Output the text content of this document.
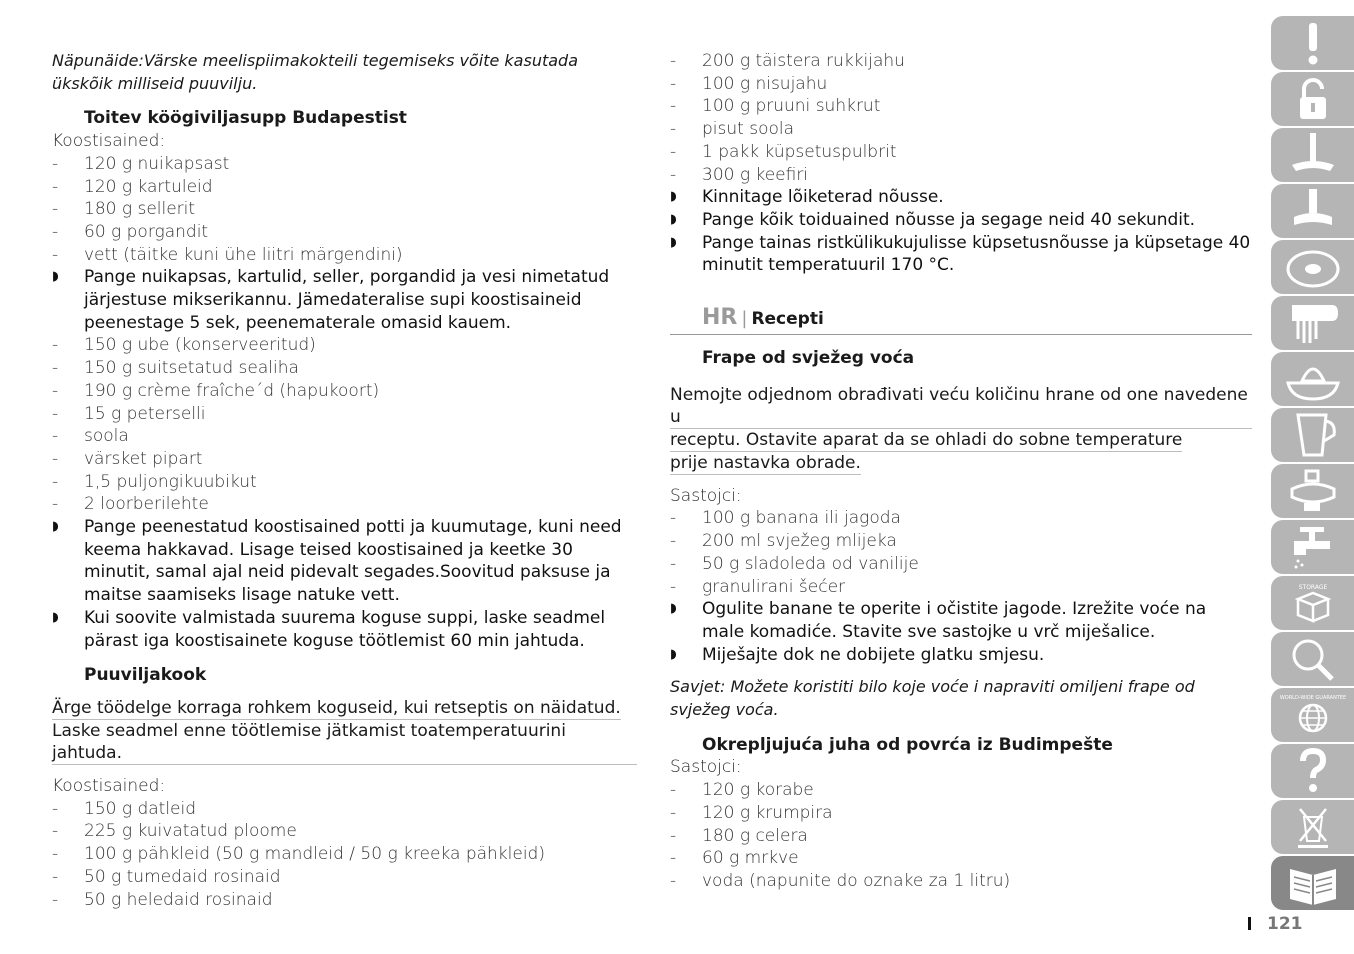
Näpunäide:Värske meelispiimakokteili tegemiseks võite kasutada ükskõik milliseid puuvilju.

Toitev köögiviljasupp Budapestist
Koostisained:
-	120 g nuikapsast
-	120 g kartuleid
-	180 g sellerit
-	60 g porgandit
-	vett (täitke kuni ühe liitri märgendini)
◗ Pange nuikapsas, kartulid, seller, porgandid ja vesi nimetatud järjestuse mikserikannu. Jämedateralise supi koostisaineid peenestage 5 sek, peenematerale omasid kauem.
-	150 g ube (konserveeritud)
-	150 g suitsetatud sealiha
-	190 g crème fraîche´d (hapukoort)
-	15 g peterselli
-	soola
-	värsket pipart
-	1,5 puljongikuubikut
-	2 loorberilehte
◗ Pange peenestatud koostisained potti ja kuumutage, kuni need keema hakkavad. Lisage teised koostisained ja keetke 30 minutit, samal ajal neid pidevalt segades.Soovitud paksuse ja maitse saamiseks lisage natuke vett.
◗ Kui soovite valmistada suurema koguse suppi, laske seadmel pärast iga koostisainete koguse töötlemist 60 min jahtuda.
Puuviljakook
Ärge töödelge korraga rohkem koguseid, kui retseptis on näidatud.
Laske seadmel enne töötlemise jätkamist toatemperatuurini jahtuda.
Koostisained:
-	150 g datleid
-	225 g kuivatatud ploome
-	100 g pähkleid (50 g mandleid / 50 g kreeka pähkleid)
-	50 g tumedaid rosinaid
-	50 g heledaid rosinaid
-	200 g täistera rukkijahu
-	100 g nisujahu
-	100 g pruuni suhkrut
-	pisut soola
-	1 pakk küpsetuspulbrit
-	300 g keefiri
◗ Kinnitage lõiketerad nõusse.
◗ Pange kõik toiduained nõusse ja segage neid 40 sekundit.
◗ Pange tainas ristkülikukujulisse küpsetusnõusse ja küpsetage 40 minutit temperatuuril 170 °C.
HR | Recepti
Frape od svježeg voća
Nemojte odjednom obrađivati veću količinu hrane od one navedene u
receptu. Ostavite aparat da se ohladi do sobne temperature
prije nastavka obrade.
Sastojci:
-	100 g banana ili jagoda
-	200 ml svježeg mlijeka
-	50 g sladoleda od vanilije
-	granulirani šećer
◗ Ogulite banane te operite i očistite jagode. Izrežite voće na male komadiće. Stavite sve sastojke u vrč miješalice.
◗ Miješajte dok ne dobijete glatku smjesu.

Savjet: Možete koristiti bilo koje voće i napraviti omiljeni frape od svježeg voća.

Okrepljujuća juha od povrća iz Budimpešte
Sastojci:
-	120 g korabe
-	120 g krumpira
-	180 g celera
-	60 g mrkve
-	voda (napunite do oznake za 1 litru)
STORAGE
WORLD-WIDE GUARANTEE
121
